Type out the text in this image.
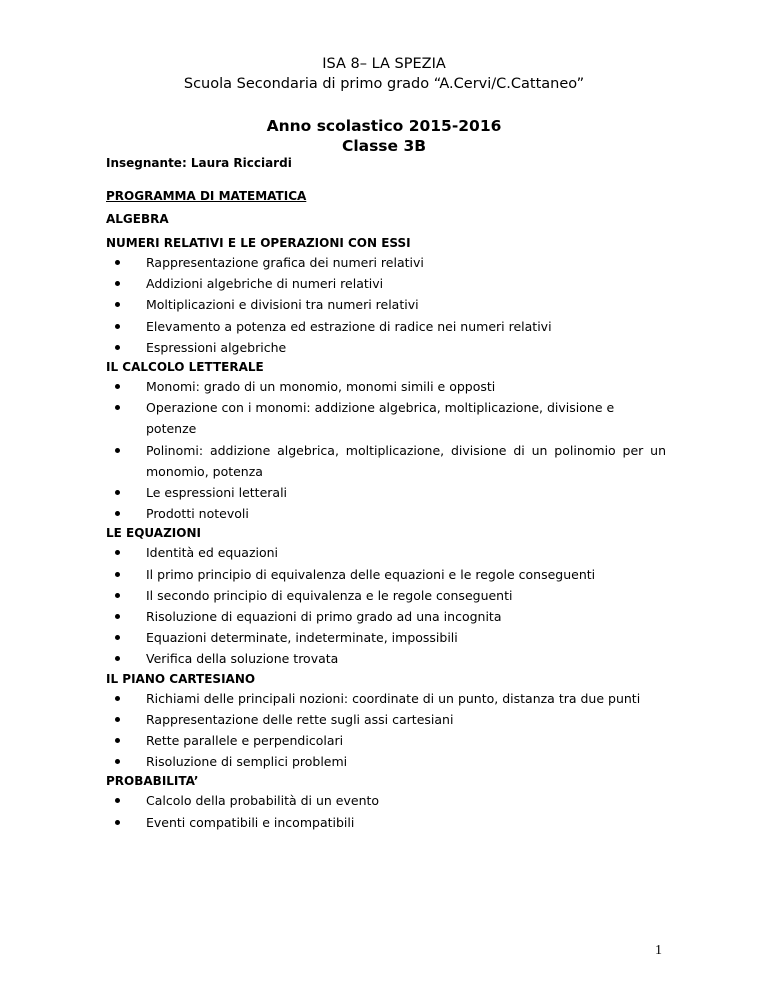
ISA 8– LA SPEZIA
Scuola Secondaria di primo grado “A.Cervi/C.Cattaneo”
Anno scolastico 2015-2016
Classe 3B
Insegnante: Laura Ricciardi
PROGRAMMA DI MATEMATICA
ALGEBRA
NUMERI RELATIVI E LE OPERAZIONI CON ESSI
Rappresentazione grafica dei numeri relativi
Addizioni algebriche di numeri relativi
Moltiplicazioni e divisioni tra numeri relativi
Elevamento a potenza ed estrazione di radice nei numeri relativi
Espressioni algebriche
IL CALCOLO LETTERALE
Monomi: grado di un monomio, monomi simili e opposti
Operazione con i monomi: addizione algebrica, moltiplicazione, divisione e potenze
Polinomi: addizione algebrica, moltiplicazione, divisione di un polinomio per un monomio, potenza
Le espressioni letterali
Prodotti notevoli
LE EQUAZIONI
Identità ed equazioni
Il primo principio di equivalenza delle equazioni e le regole conseguenti
Il secondo principio di equivalenza e le regole conseguenti
Risoluzione di equazioni di primo grado ad una incognita
Equazioni determinate, indeterminate, impossibili
Verifica della soluzione trovata
IL PIANO CARTESIANO
Richiami delle principali nozioni: coordinate di un punto, distanza tra due punti
Rappresentazione delle rette sugli assi cartesiani
Rette parallele e perpendicolari
Risoluzione di semplici problemi
PROBABILITA’
Calcolo della probabilità di un evento
Eventi compatibili e incompatibili
1
